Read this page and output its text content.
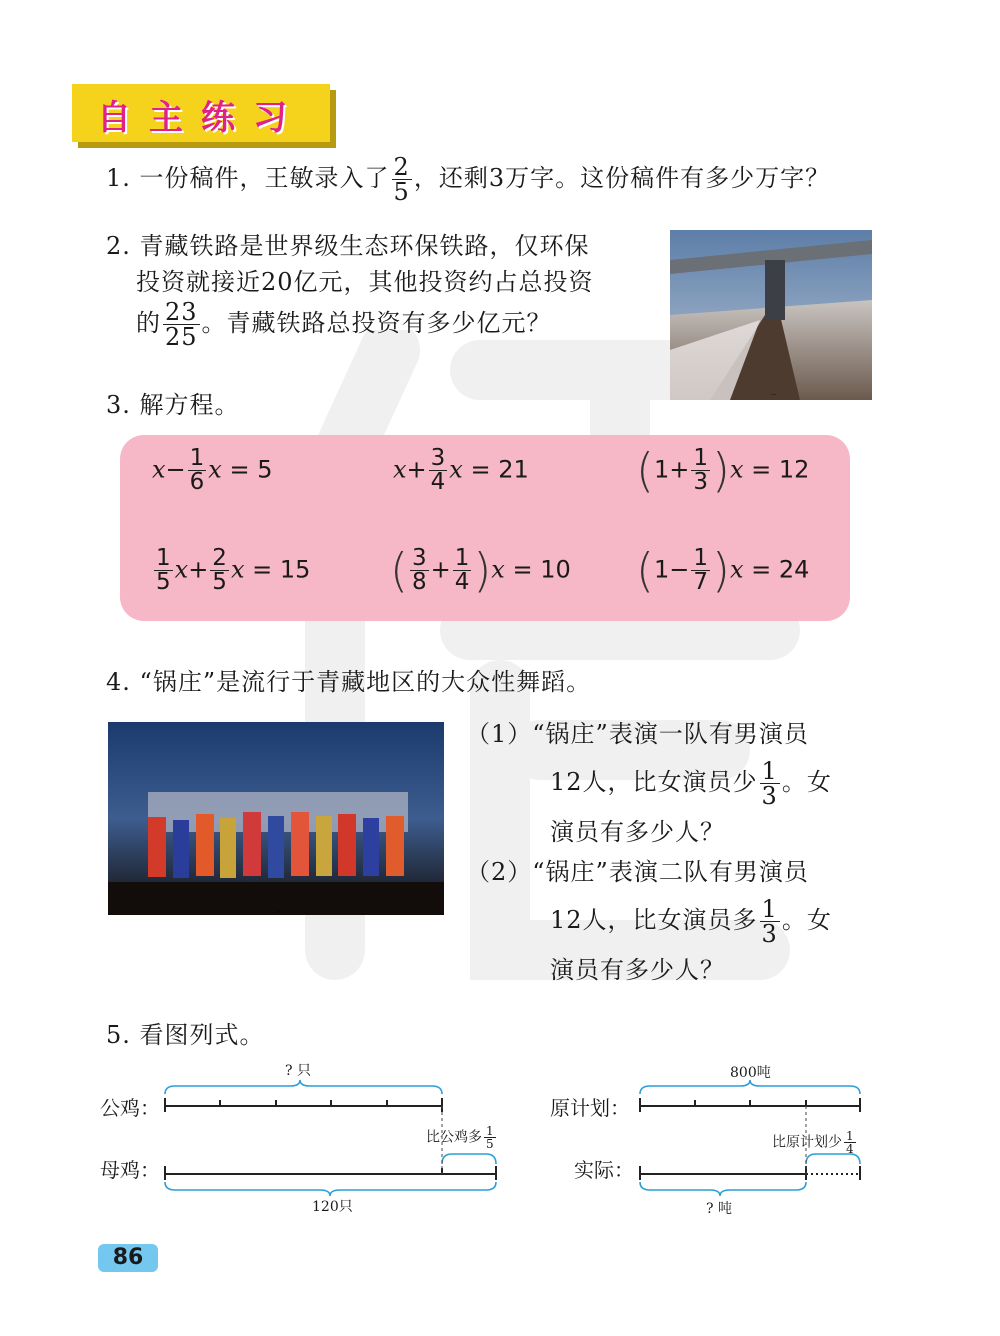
自主练习
1. 一份稿件，王敏录入了 $\frac{2}{5}$ ，还剩3万字。这份稿件有多少万字？
2. 青藏铁路是世界级生态环保铁路，仅环保
投资就接近20亿元，其他投资约占总投资
的 $\frac{23}{25}$ 。青藏铁路总投资有多少亿元？
青藏铁路照片
3. 解方程。
$x- \frac{1}{6}$ x = 5	$x+ \frac{3}{4}$ x = 21 $(1+ \frac{1}{3} )x = 12$
$\frac{1}{5} x+ \frac{2}{5}$ x = 15 ( $\frac{3}{8} + \frac{1}{4} )x = 10$ $(1- \frac{1}{7} )x = 24$
4. “锅庄”是流行于青藏地区的大众性舞蹈。
锅庄舞蹈照片
（1）“锅庄”表演一队有男演员
12人，比女演员少 $\frac{1}{3}$ 。女
演员有多少人？
（2）“锅庄”表演二队有男演员
12人，比女演员多 $\frac{1}{3}$ 。女
演员有多少人？
5. 看图列式。
公鸡：
母鸡：
? 只
120只
比公鸡多 $\frac{1}{5}$
原计划：
实际：
800吨
? 吨
比原计划少 $\frac{1}{4}$
86
